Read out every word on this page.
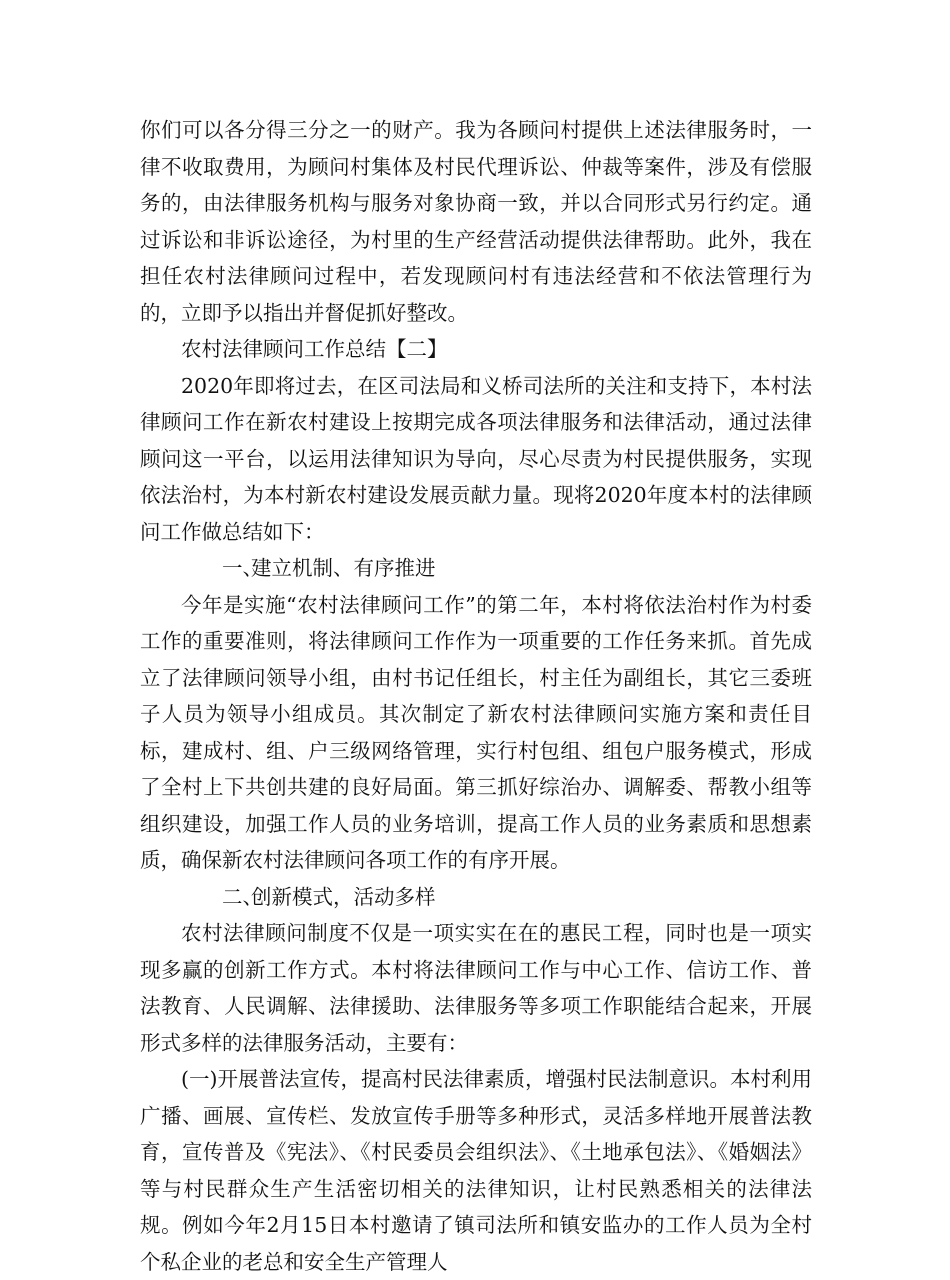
你们可以各分得三分之一的财产。我为各顾问村提供上述法律服务时，一律不收取费用，为顾问村集体及村民代理诉讼、仲裁等案件，涉及有偿服务的，由法律服务机构与服务对象协商一致，并以合同形式另行约定。通过诉讼和非诉讼途径，为村里的生产经营活动提供法律帮助。此外，我在担任农村法律顾问过程中，若发现顾问村有违法经营和不依法管理行为的，立即予以指出并督促抓好整改。

农村法律顾问工作总结【二】

2020年即将过去，在区司法局和义桥司法所的关注和支持下，本村法律顾问工作在新农村建设上按期完成各项法律服务和法律活动，通过法律顾问这一平台，以运用法律知识为导向，尽心尽责为村民提供服务，实现依法治村，为本村新农村建设发展贡献力量。现将2020年度本村的法律顾问工作做总结如下：

一、建立机制、有序推进

今年是实施“农村法律顾问工作”的第二年，本村将依法治村作为村委工作的重要准则，将法律顾问工作作为一项重要的工作任务来抓。首先成立了法律顾问领导小组，由村书记任组长，村主任为副组长，其它三委班子人员为领导小组成员。其次制定了新农村法律顾问实施方案和责任目标，建成村、组、户三级网络管理，实行村包组、组包户服务模式，形成了全村上下共创共建的良好局面。第三抓好综治办、调解委、帮教小组等组织建设，加强工作人员的业务培训，提高工作人员的业务素质和思想素质，确保新农村法律顾问各项工作的有序开展。

二、创新模式，活动多样

农村法律顾问制度不仅是一项实实在在的惠民工程，同时也是一项实现多赢的创新工作方式。本村将法律顾问工作与中心工作、信访工作、普法教育、人民调解、法律援助、法律服务等多项工作职能结合起来，开展形式多样的法律服务活动，主要有：

(一)开展普法宣传，提高村民法律素质，增强村民法制意识。本村利用广播、画展、宣传栏、发放宣传手册等多种形式，灵活多样地开展普法教育，宣传普及《宪法》、《村民委员会组织法》、《土地承包法》、《婚姻法》等与村民群众生产生活密切相关的法律知识，让村民熟悉相关的法律法规。例如今年2月15日本村邀请了镇司法所和镇安监办的工作人员为全村个私企业的老总和安全生产管理人
